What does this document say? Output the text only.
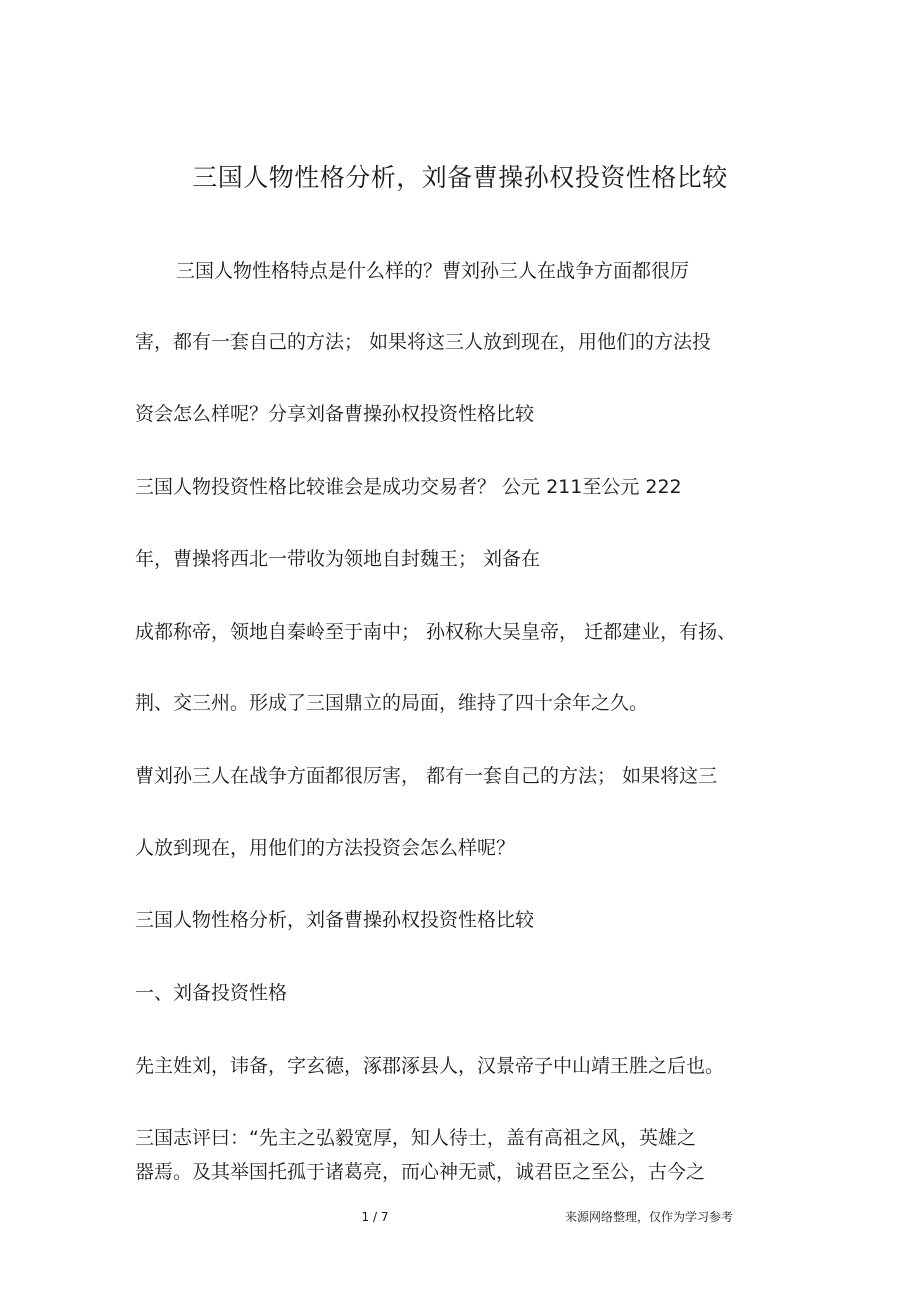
三国人物性格分析，刘备曹操孙权投资性格比较

三国人物性格特点是什么样的？曹刘孙三人在战争方面都很厉

害，都有一套自己的方法； 如果将这三人放到现在，用他们的方法投

资会怎么样呢？分享刘备曹操孙权投资性格比较

三国人物投资性格比较谁会是成功交易者？ 公元 211至公元 222

年，曹操将西北一带收为领地自封魏王； 刘备在

成都称帝，领地自秦岭至于南中； 孙权称大吴皇帝， 迁都建业，有扬、

荆、交三州。形成了三国鼎立的局面，维持了四十余年之久。

曹刘孙三人在战争方面都很厉害， 都有一套自己的方法； 如果将这三

人放到现在，用他们的方法投资会怎么样呢？

三国人物性格分析，刘备曹操孙权投资性格比较

一、刘备投资性格

先主姓刘，讳备，字玄德，涿郡涿县人，汉景帝子中山靖王胜之后也。

三国志评曰：“先主之弘毅宽厚，知人待士，盖有高祖之风，英雄之

器焉。及其举国托孤于诸葛亮，而心神无贰，诚君臣之至公，古今之

1 / 7	来源网络整理，仅作为学习参考
